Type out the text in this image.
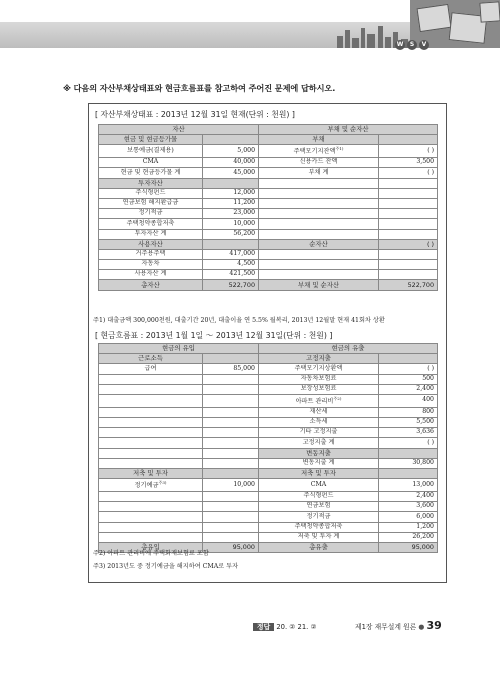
W	S	V
※ 다음의 자산부채상태표와 현금흐름표를 참고하여 주어진 문제에 답하시오.
[ 자산부채상태표 : 2013년 12월 31일 현재(단위 : 천원) ]
자산		부채 및 순자산	
현금 및 현금등가물		부채	
보통예금(결제용)	5,000	주택모기지잔액$^{주1)}$	( )
CMA	40,000	신용카드 잔액	3,500
현금 및 현금등가물 계	45,000	부채 계	( )
투자자산			
주식형펀드	12,000		
연금보험 해지환급금	11,200		
정기적금	23,000		
주택청약종합저축	10,000		
투자자산 계	56,200		
사용자산		순자산	( )
거주용주택	417,000		
자동차	4,500		
사용자산 계	421,500		
총자산	522,700	부채 및 순자산	522,700
주1) 대출금액 300,000천원, 대출기간 20년, 대출이율 연 5.5% 월복리, 2013년 12월말 현재 41회차 상환
[ 현금흐름표 : 2013년 1월 1일 ～ 2013년 12월 31일(단위 : 천원) ]
현금의 유입		현금의 유출	
근로소득		고정지출	
급여	85,000	주택모기지상환액	( )
		자동차보험료	500
		보장성보험료	2,400
		아파트 관리비$^{주2)}$	400
		재산세	800
		소득세	5,500
		기타 고정지출	3,636
		고정지출 계	( )
		변동지출	
		변동지출 계	30,800
저축 및 투자		저축 및 투자	
정기예금$^{주3)}$	10,000	CMA	13,000
		주식형펀드	2,400
		연금보험	3,600
		정기적금	6,000
		주택청약종합저축	1,200
		저축 및 투자 계	26,200
총유입	95,000	총유출	95,000
주2) 아파트 관리비에 주택화재보험료 포함
주3) 2013년도 중 정기예금을 해지하여 CMA로 투자
정답 20. ② 21. ②	제1장 재무설계 원론 ● 39
